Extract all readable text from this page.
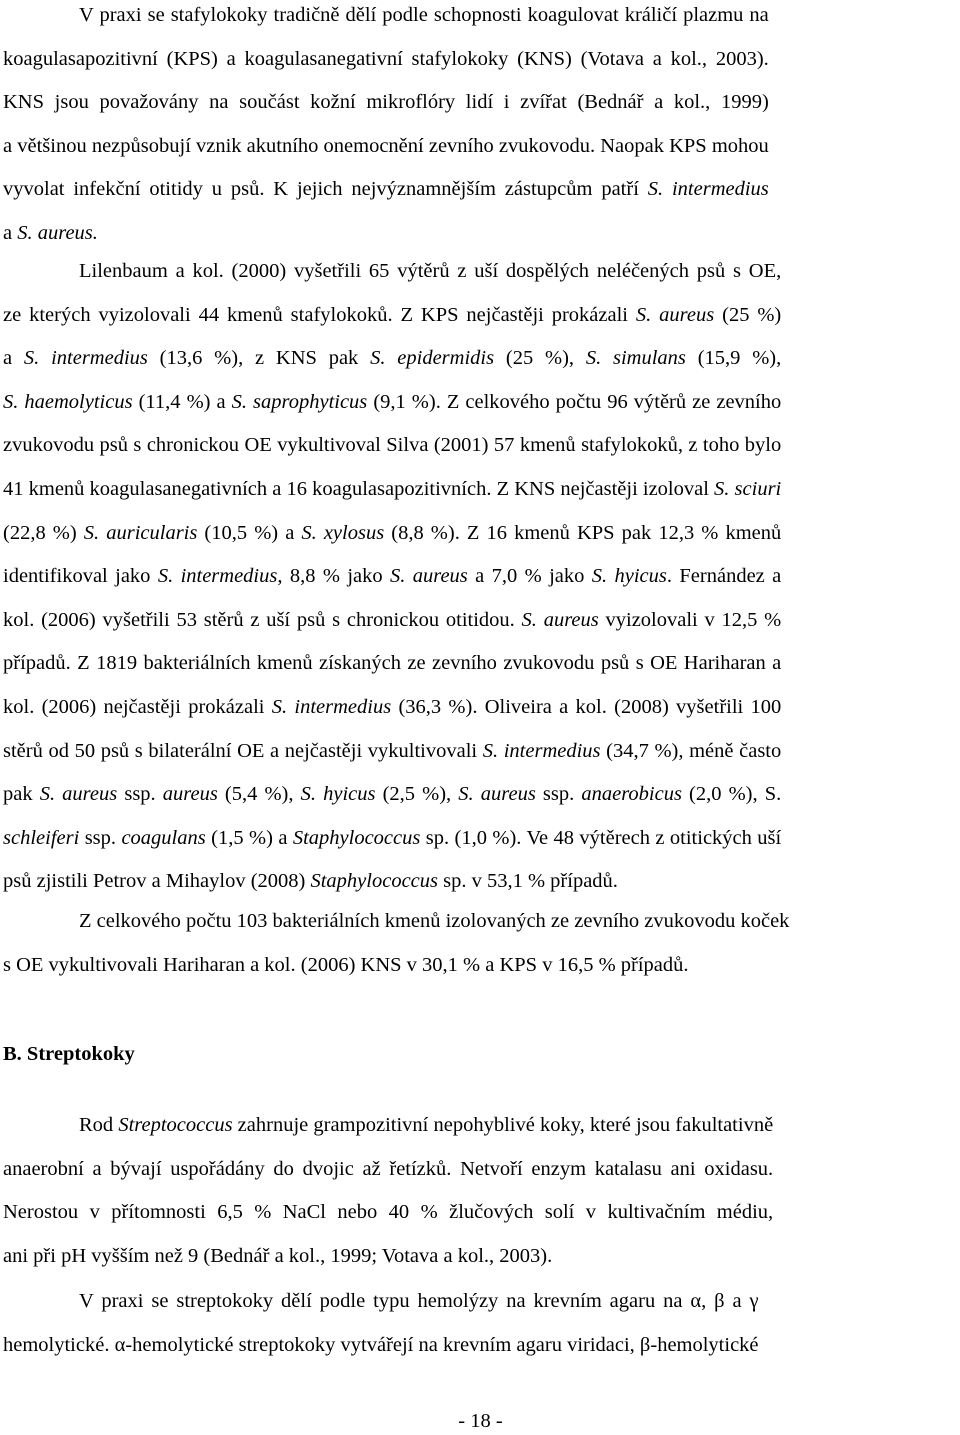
V praxi se stafylokoky tradičně dělí podle schopnosti koagulovat králičí plazmu na
koagulasapozitivní (KPS) a koagulasanegativní stafylokoky (KNS) (Votava a kol., 2003).
KNS jsou považovány na součást kožní mikroflóry lidí i zvířat (Bednář a kol., 1999)
a většinou nezpůsobují vznik akutního onemocnění zevního zvukovodu. Naopak KPS mohou
vyvolat infekční otitidy u psů. K jejich nejvýznamnějším zástupcům patří S. intermedius
a S. aureus.

Lilenbaum a kol. (2000) vyšetřili 65 výtěrů z uší dospělých neléčených psů s OE,
ze kterých vyizolovali 44 kmenů stafylokoků. Z KPS nejčastěji prokázali S. aureus (25 %)
a S. intermedius (13,6 %), z KNS pak S. epidermidis (25 %), S. simulans (15,9 %),
S. haemolyticus (11,4 %) a S. saprophyticus (9,1 %). Z celkového počtu 96 výtěrů ze zevního
zvukovodu psů s chronickou OE vykultivoval Silva (2001) 57 kmenů stafylokoků, z toho bylo
41 kmenů koagulasanegativních a 16 koagulasapozitivních. Z KNS nejčastěji izoloval S. sciuri
(22,8 %) S. auricularis (10,5 %) a S. xylosus (8,8 %). Z 16 kmenů KPS pak 12,3 % kmenů
identifikoval jako S. intermedius, 8,8 % jako S. aureus a 7,0 % jako S. hyicus. Fernández a
kol. (2006) vyšetřili 53 stěrů z uší psů s chronickou otitidou. S. aureus vyizolovali v 12,5 %
případů. Z 1819 bakteriálních kmenů získaných ze zevního zvukovodu psů s OE Hariharan a
kol. (2006) nejčastěji prokázali S. intermedius (36,3 %). Oliveira a kol. (2008) vyšetřili 100
stěrů od 50 psů s bilaterální OE a nejčastěji vykultivovali S. intermedius (34,7 %), méně často
pak S. aureus ssp. aureus (5,4 %), S. hyicus (2,5 %), S. aureus ssp. anaerobicus (2,0 %), S.
schleiferi ssp. coagulans (1,5 %) a Staphylococcus sp. (1,0 %). Ve 48 výtěrech z otitických uší
psů zjistili Petrov a Mihaylov (2008) Staphylococcus sp. v 53,1 % případů.

Z celkového počtu 103 bakteriálních kmenů izolovaných ze zevního zvukovodu koček
s OE vykultivovali Hariharan a kol. (2006) KNS v 30,1 % a KPS v 16,5 % případů.

B. Streptokoky

Rod Streptococcus zahrnuje grampozitivní nepohyblivé koky, které jsou fakultativně
anaerobní a bývají uspořádány do dvojic až řetízků. Netvoří enzym katalasu ani oxidasu.
Nerostou v přítomnosti 6,5 % NaCl nebo 40 % žlučových solí v kultivačním médiu,
ani při pH vyšším než 9 (Bednář a kol., 1999; Votava a kol., 2003).

V praxi se streptokoky dělí podle typu hemolýzy na krevním agaru na α, β a γ
hemolytické. α-hemolytické streptokoky vytvářejí na krevním agaru viridaci, β-hemolytické

- 18 -
